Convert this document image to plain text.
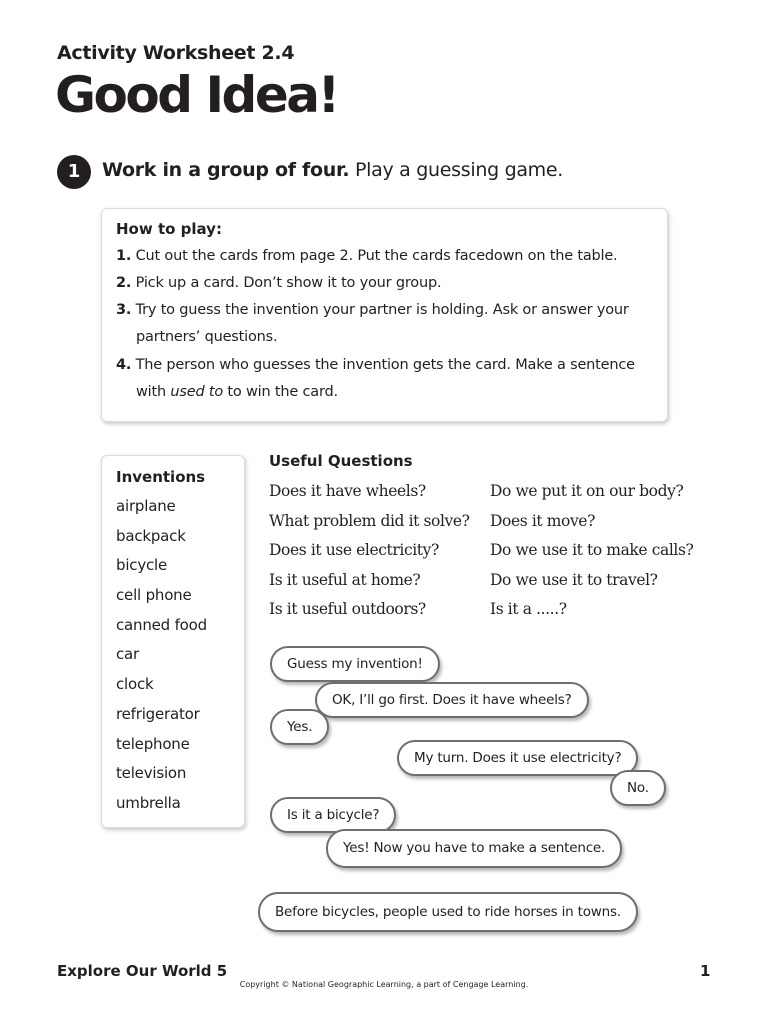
Activity Worksheet 2.4
Good Idea!
1	Work in a group of four. Play a guessing game.
How to play:
1. Cut out the cards from page 2. Put the cards facedown on the table.
2. Pick up a card. Don’t show it to your group.
3. Try to guess the invention your partner is holding. Ask or answer your
partners’ questions.
4. The person who guesses the invention gets the card. Make a sentence
with used to to win the card.
Inventions
airplane
backpack
bicycle
cell phone
canned food
car
clock
refrigerator
telephone
television
umbrella
Useful Questions
Does it have wheels?
What problem did it solve?
Does it use electricity?
Is it useful at home?
Is it useful outdoors?
Do we put it on our body?
Does it move?
Do we use it to make calls?
Do we use it to travel?
Is it a .....?
Guess my invention!
OK, I’ll go first. Does it have wheels?
Yes.
My turn. Does it use electricity?
No.
Is it a bicycle?
Yes! Now you have to make a sentence.
Before bicycles, people used to ride horses in towns.
Explore Our World 5	1
Copyright © National Geographic Learning, a part of Cengage Learning.
